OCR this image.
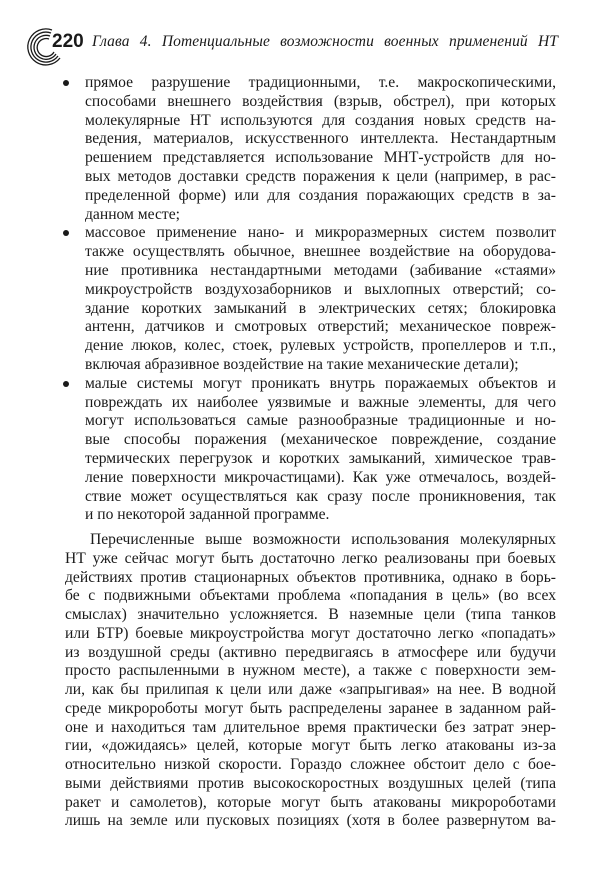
220 Глава 4. Потенциальные возможности военных применений НТ
прямое разрушение традиционными, т.е. макроскопическими,
способами внешнего воздействия (взрыв, обстрел), при которых
молекулярные НТ используются для создания новых средств на-
ведения, материалов, искусственного интеллекта. Нестандартным
решением представляется использование МНТ-устройств для но-
вых методов доставки средств поражения к цели (например, в рас-
пределенной форме) или для создания поражающих средств в за-
данном месте;
массовое применение нано- и микроразмерных систем позволит
также осуществлять обычное, внешнее воздействие на оборудова-
ние противника нестандартными методами (забивание «стаями»
микроустройств воздухозаборников и выхлопных отверстий; со-
здание коротких замыканий в электрических сетях; блокировка
антенн, датчиков и смотровых отверстий; механическое повреж-
дение люков, колес, стоек, рулевых устройств, пропеллеров и т.п.,
включая абразивное воздействие на такие механические детали);
малые системы могут проникать внутрь поражаемых объектов и
повреждать их наиболее уязвимые и важные элементы, для чего
могут использоваться самые разнообразные традиционные и но-
вые способы поражения (механическое повреждение, создание
термических перегрузок и коротких замыканий, химическое трав-
ление поверхности микрочастицами). Как уже отмечалось, воздей-
ствие может осуществляться как сразу после проникновения, так
и по некоторой заданной программе.
Перечисленные выше возможности использования молекулярных
НТ уже сейчас могут быть достаточно легко реализованы при боевых
действиях против стационарных объектов противника, однако в борь-
бе с подвижными объектами проблема «попадания в цель» (во всех
смыслах) значительно усложняется. В наземные цели (типа танков
или БТР) боевые микроустройства могут достаточно легко «попадать»
из воздушной среды (активно передвигаясь в атмосфере или будучи
просто распыленными в нужном месте), а также с поверхности зем-
ли, как бы прилипая к цели или даже «запрыгивая» на нее. В водной
среде микророботы могут быть распределены заранее в заданном рай-
оне и находиться там длительное время практически без затрат энер-
гии, «дожидаясь» целей, которые могут быть легко атакованы из-за
относительно низкой скорости. Гораздо сложнее обстоит дело с бое-
выми действиями против высокоскоростных воздушных целей (типа
ракет и самолетов), которые могут быть атакованы микророботами
лишь на земле или пусковых позициях (хотя в более развернутом ва-
